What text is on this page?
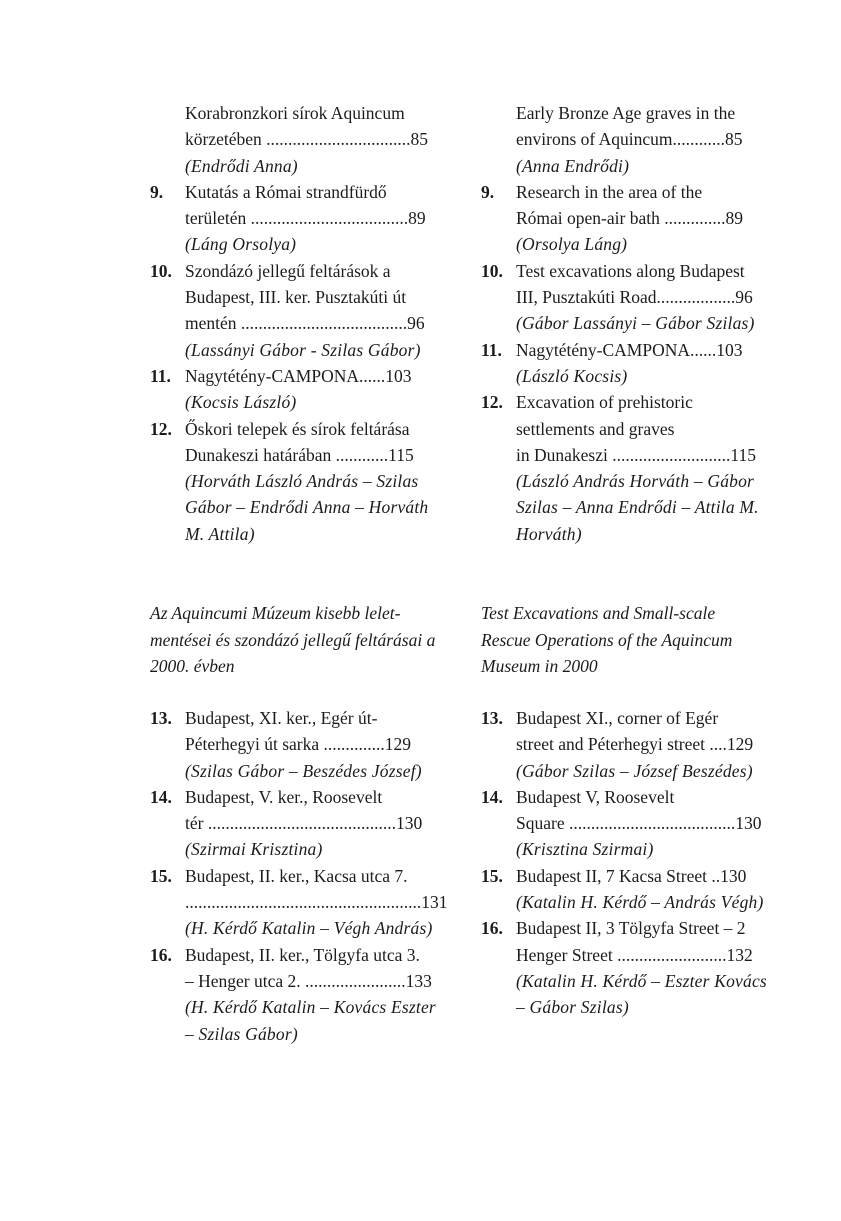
Korabronzkori sírok Aquincum
körzetében .................................85
(Endrődi Anna)
9.	Kutatás a Római strandfürdő
területén ....................................89
(Láng Orsolya)
10. Szondázó jellegű feltárások a
Budapest, III. ker. Pusztakúti út
mentén ......................................96
(Lassányi Gábor - Szilas Gábor)
11. Nagytétény-CAMPONA......103
(Kocsis László)
12. Őskori telepek és sírok feltárása
Dunakeszi határában ............115
(Horváth László András – Szilas
Gábor – Endrődi Anna – Horváth
M. Attila)
Early Bronze Age graves in the
environs of Aquincum............85
(Anna Endrődi)
9.	Research in the area of the
Római open-air bath ..............89
(Orsolya Láng)
10. Test excavations along Budapest
III, Pusztakúti Road..................96
(Gábor Lassányi – Gábor Szilas)
11. Nagytétény-CAMPONA......103
(László Kocsis)
12. Excavation of prehistoric
settlements and graves
in Dunakeszi ...........................115
(László András Horváth – Gábor
Szilas – Anna Endrődi – Attila M.
Horváth)
Az Aquincumi Múzeum kisebb lelet-
mentései és szondázó jellegű feltárásai a
2000. évben
Test Excavations and Small-scale
Rescue Operations of the Aquincum
Museum in 2000
13. Budapest, XI. ker., Egér út-
Péterhegyi út sarka ..............129
(Szilas Gábor – Beszédes József)
14. Budapest, V. ker., Roosevelt
tér ...........................................130
(Szirmai Krisztina)
15. Budapest, II. ker., Kacsa utca 7.
......................................................131
(H. Kérdő Katalin – Végh András)
16. Budapest, II. ker., Tölgyfa utca 3.
– Henger utca 2. .......................133
(H. Kérdő Katalin – Kovács Eszter
– Szilas Gábor)
13. Budapest XI., corner of Egér
street and Péterhegyi street ....129
(Gábor Szilas – József Beszédes)
14. Budapest V, Roosevelt
Square ......................................130
(Krisztina Szirmai)
15. Budapest II, 7 Kacsa Street ..130
(Katalin H. Kérdő – András Végh)
16. Budapest II, 3 Tölgyfa Street – 2
Henger Street .........................132
(Katalin H. Kérdő – Eszter Kovács
– Gábor Szilas)
